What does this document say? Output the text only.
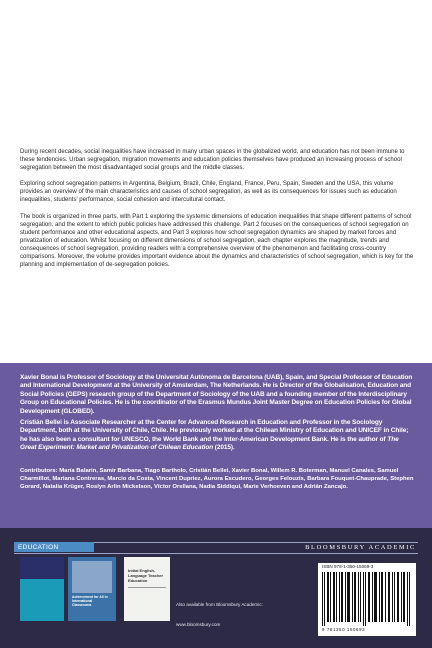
During recent decades, social inequalities have increased in many urban spaces in the globalized world, and education has not been immune to these tendencies. Urban segregation, migration movements and education policies themselves have produced an increasing process of school segregation between the most disadvantaged social groups and the middle classes.

Exploring school segregation patterns in Argentina, Belgium, Brazil, Chile, England, France, Peru, Spain, Sweden and the USA, this volume provides an overview of the main characteristics and causes of school segregation, as well as its consequences for issues such as education inequalities, students' performance, social cohesion and intercultural contact.

The book is organized in three parts, with Part 1 exploring the systemic dimensions of education inequalities that shape different patterns of school segregation, and the extent to which public policies have addressed this challenge. Part 2 focuses on the consequences of school segregation on student performance and other educational aspects, and Part 3 explores how school segregation dynamics are shaped by market forces and privatization of education. Whilst focusing on different dimensions of school segregation, each chapter explores the magnitude, trends and consequences of school segregation, providing readers with a comprehensive overview of the phenomenon and facilitating cross-country comparisons. Moreover, the volume provides important evidence about the dynamics and characteristics of school segregation, which is key for the planning and implementation of de-segregation policies.

Xavier Bonal is Professor of Sociology at the Universitat Autònoma de Barcelona (UAB), Spain, and Special Professor of Education and International Development at the University of Amsterdam, The Netherlands. He is Director of the Globalisation, Education and Social Policies (GEPS) research group of the Department of Sociology of the UAB and a founding member of the Interdisciplinary Group on Educational Policies. He is the coordinator of the Erasmus Mundus Joint Master Degree on Education Policies for Global Development (GLOBED).
Cristián Bellei is Associate Researcher at the Center for Advanced Research in Education and Professor in the Sociology Department, both at the University of Chile, Chile. He previously worked at the Chilean Ministry of Education and UNICEF in Chile; he has also been a consultant for UNESCO, the World Bank and the Inter-American Development Bank. He is the author of The Great Experiment: Market and Privatization of Chilean Education (2015).
Contributors: María Balarin, Samir Barbana, Tiago Bartholo, Cristián Bellei, Xavier Bonal, Willem R. Boterman, Manuel Canales, Samuel Charmillot, Mariana Contreras, Marcio da Costa, Vincent Dupriez, Aurora Escudero, Georges Felouzis, Barbara Fouquet-Chauprade, Stephen Gorard, Natalia Krüger, Roslyn Arlin Mickelson, Víctor Orellana, Nadia Siddiqui, Marie Verhoeven and Adrián Zancajo.
EDUCATION	BLOOMSBURY ACADEMIC
Achievement for All in International Classrooms
Initial English-Language Teacher Education
Also available from Bloomsbury Academic:
www.bloomsbury.com
ISBN 978-1-350-15069-3
9 781350 150693
